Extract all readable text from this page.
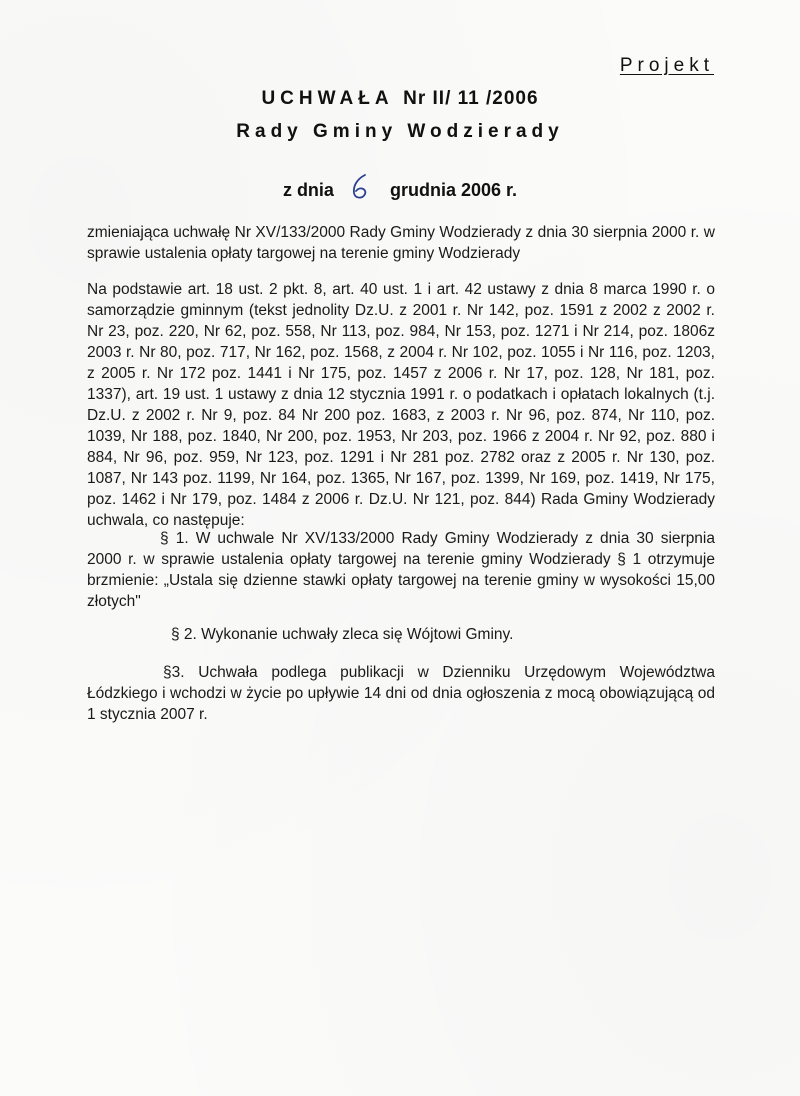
Projekt
UCHWAŁA Nr II/ 11 /2006
Rady Gminy Wodzierady
z dnia	grudnia 2006 r.
zmieniająca uchwałę Nr XV/133/2000 Rady Gminy Wodzierady z dnia 30 sierpnia 2000 r. w sprawie ustalenia opłaty targowej na terenie gminy Wodzierady
Na podstawie art. 18 ust. 2 pkt. 8, art. 40 ust. 1 i art. 42 ustawy z dnia 8 marca 1990 r. o samorządzie gminnym (tekst jednolity Dz.U. z 2001 r. Nr 142, poz. 1591 z 2002 z 2002 r. Nr 23, poz. 220, Nr 62, poz. 558, Nr 113, poz. 984, Nr 153, poz. 1271 i Nr 214, poz. 1806z 2003 r. Nr 80, poz. 717, Nr 162, poz. 1568, z 2004 r. Nr 102, poz. 1055 i Nr 116, poz. 1203, z 2005 r. Nr 172 poz. 1441 i Nr 175, poz. 1457 z 2006 r. Nr 17, poz. 128, Nr 181, poz. 1337), art. 19 ust. 1 ustawy z dnia 12 stycznia 1991 r. o podatkach i opłatach lokalnych (t.j. Dz.U. z 2002 r. Nr 9, poz. 84 Nr 200 poz. 1683, z 2003 r. Nr 96, poz. 874, Nr 110, poz. 1039, Nr 188, poz. 1840, Nr 200, poz. 1953, Nr 203, poz. 1966 z 2004 r. Nr 92, poz. 880 i 884, Nr 96, poz. 959, Nr 123, poz. 1291 i Nr 281 poz. 2782 oraz z 2005 r. Nr 130, poz. 1087, Nr 143 poz. 1199, Nr 164, poz. 1365, Nr 167, poz. 1399, Nr 169, poz. 1419, Nr 175, poz. 1462 i Nr 179, poz. 1484 z 2006 r. Dz.U. Nr 121, poz. 844) Rada Gminy Wodzierady uchwala, co następuje:
§ 1. W uchwale Nr XV/133/2000 Rady Gminy Wodzierady z dnia 30 sierpnia 2000 r. w sprawie ustalenia opłaty targowej na terenie gminy Wodzierady § 1 otrzymuje brzmienie: „Ustala się dzienne stawki opłaty targowej na terenie gminy w wysokości 15,00 złotych"
§ 2. Wykonanie uchwały zleca się Wójtowi Gminy.
§3. Uchwała podlega publikacji w Dzienniku Urzędowym Województwa Łódzkiego i wchodzi w życie po upływie 14 dni od dnia ogłoszenia z mocą obowiązującą od 1 stycznia 2007 r.
